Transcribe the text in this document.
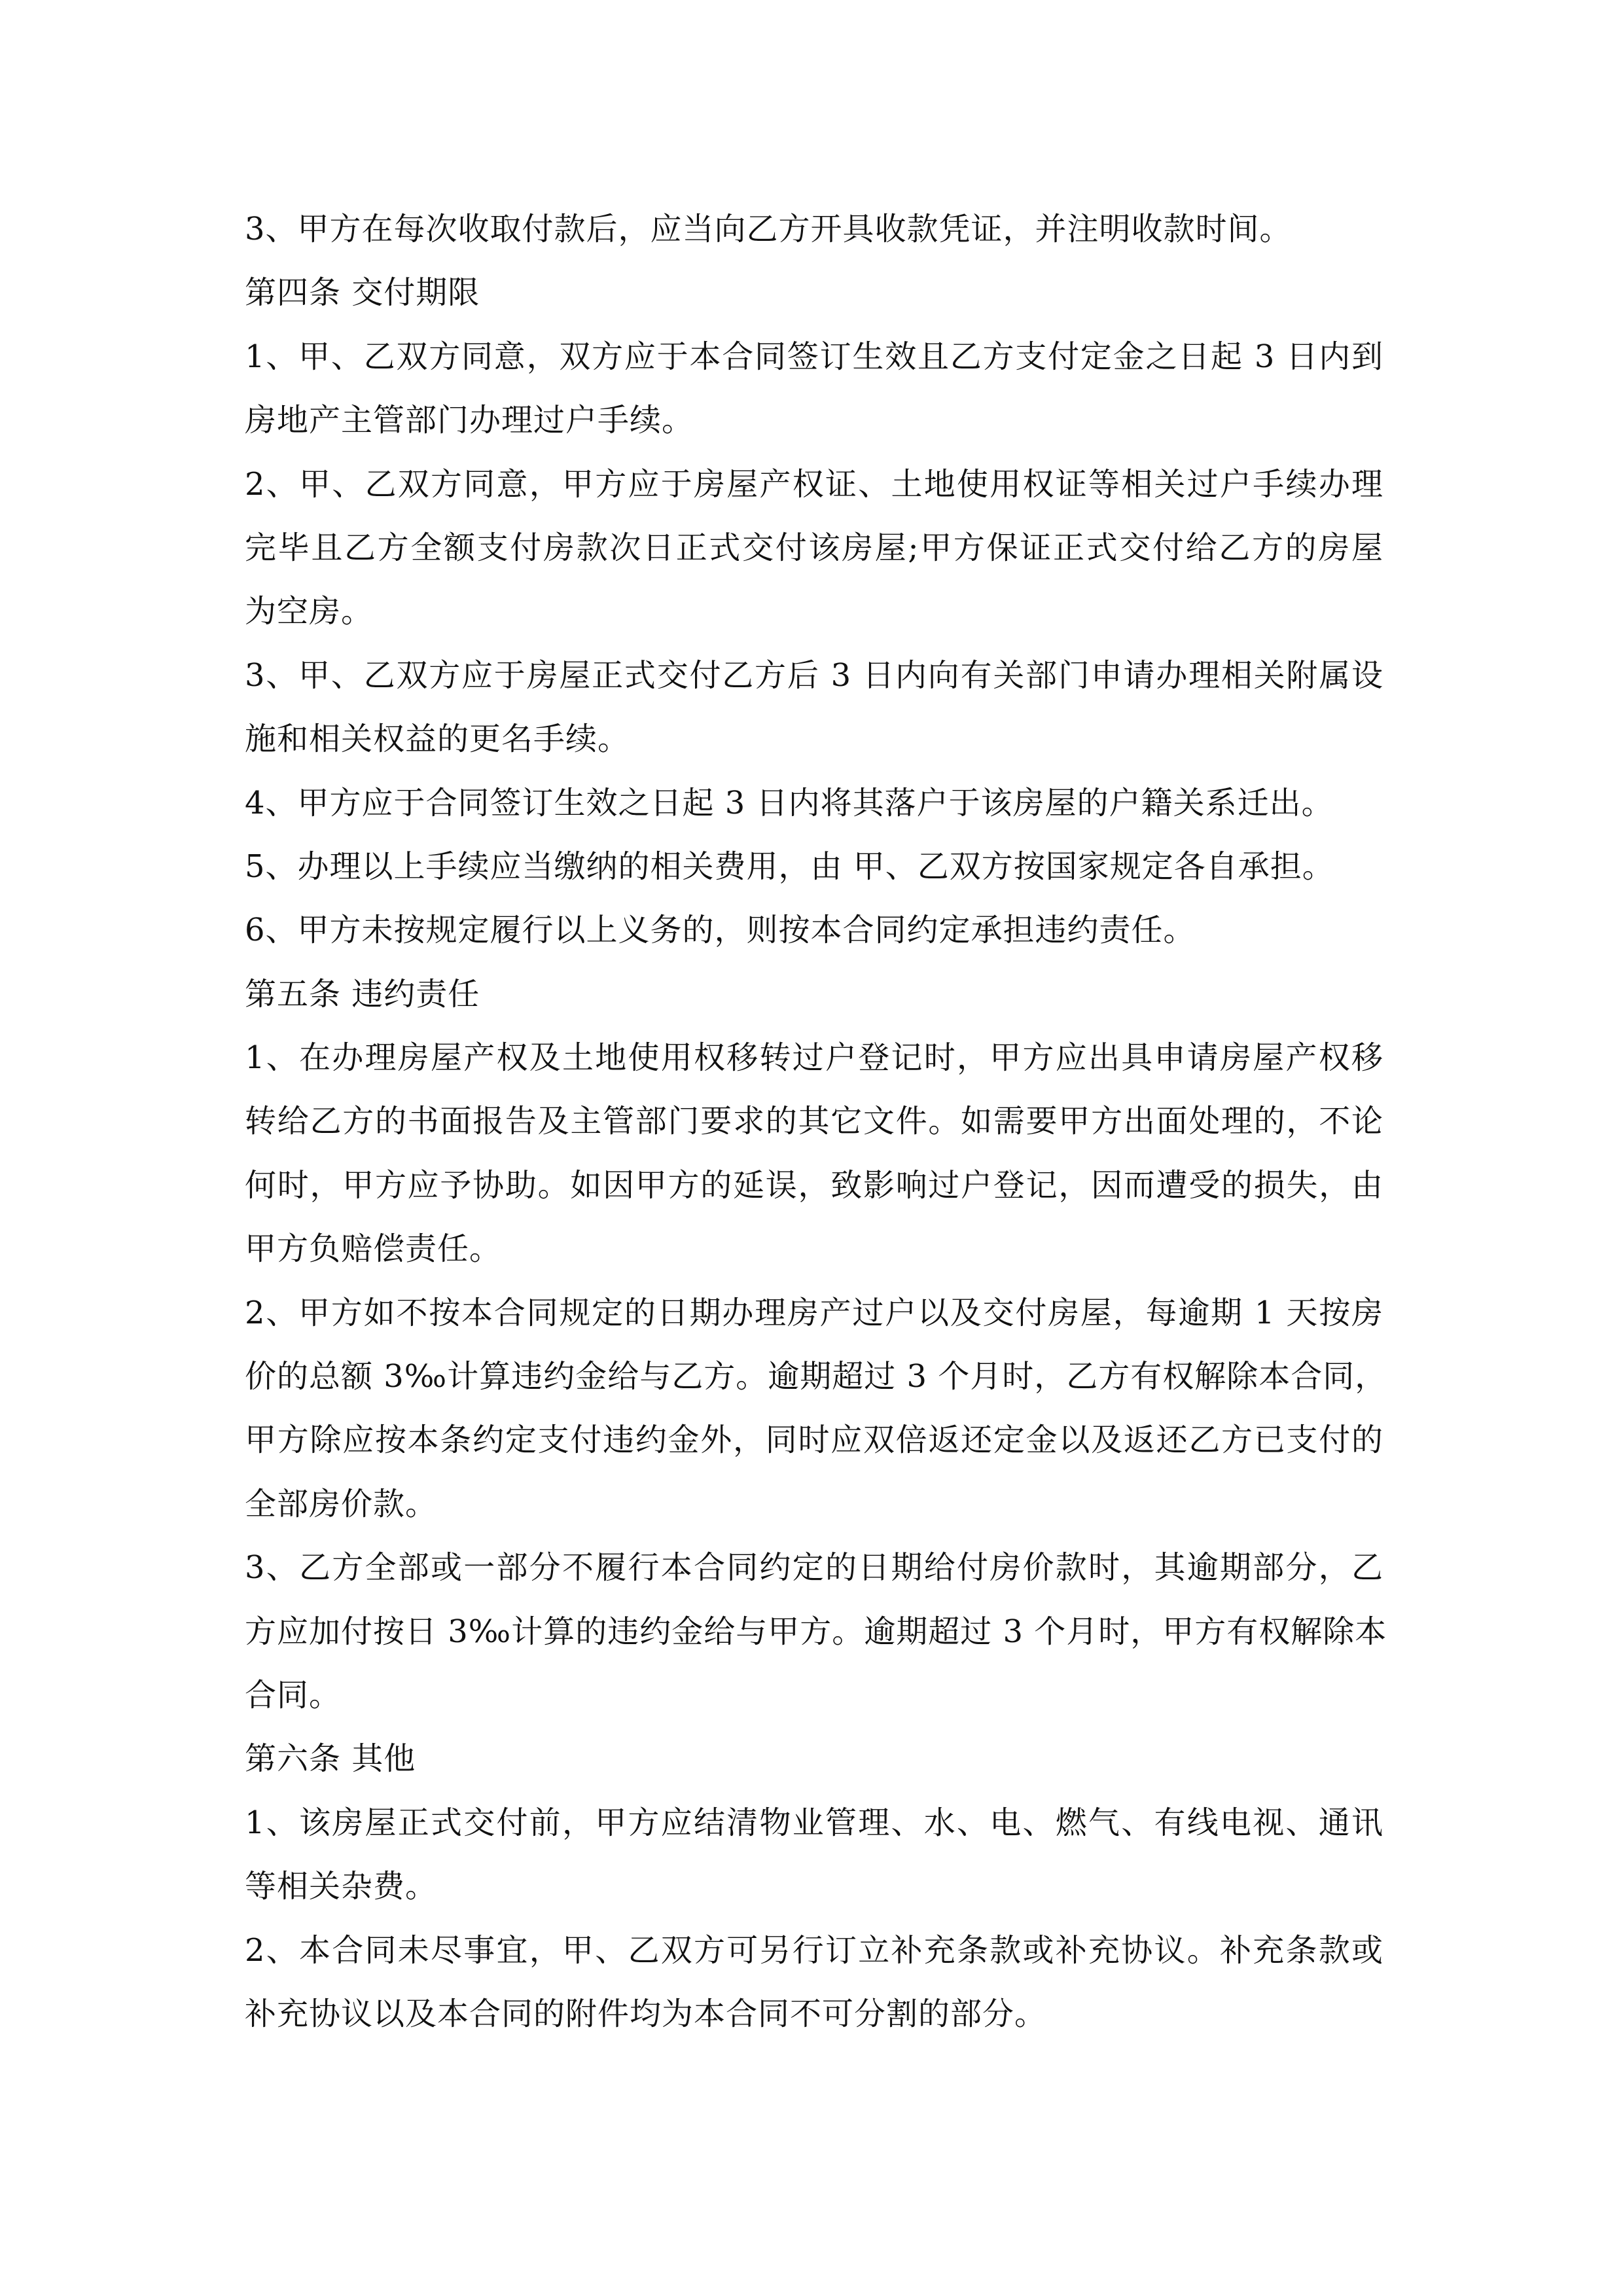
3、甲方在每次收取付款后，应当向乙方开具收款凭证，并注明收款时间。
第四条 交付期限
1、甲、乙双方同意，双方应于本合同签订生效且乙方支付定金之日起 3 日内到
房地产主管部门办理过户手续。
2、甲、乙双方同意，甲方应于房屋产权证、土地使用权证等相关过户手续办理
完毕且乙方全额支付房款次日正式交付该房屋;甲方保证正式交付给乙方的房屋
为空房。
3、甲、乙双方应于房屋正式交付乙方后 3 日内向有关部门申请办理相关附属设
施和相关权益的更名手续。
4、甲方应于合同签订生效之日起 3 日内将其落户于该房屋的户籍关系迁出。
5、办理以上手续应当缴纳的相关费用，由 甲、乙双方按国家规定各自承担。
6、甲方未按规定履行以上义务的，则按本合同约定承担违约责任。
第五条 违约责任
1、在办理房屋产权及土地使用权移转过户登记时，甲方应出具申请房屋产权移
转给乙方的书面报告及主管部门要求的其它文件。如需要甲方出面处理的，不论
何时，甲方应予协助。如因甲方的延误，致影响过户登记，因而遭受的损失，由
甲方负赔偿责任。
2、甲方如不按本合同规定的日期办理房产过户以及交付房屋，每逾期 1 天按房
价的总额 3‰计算违约金给与乙方。逾期超过 3 个月时，乙方有权解除本合同，
甲方除应按本条约定支付违约金外，同时应双倍返还定金以及返还乙方已支付的
全部房价款。
3、乙方全部或一部分不履行本合同约定的日期给付房价款时，其逾期部分，乙
方应加付按日 3‰计算的违约金给与甲方。逾期超过 3 个月时，甲方有权解除本
合同。
第六条 其他
1、该房屋正式交付前，甲方应结清物业管理、水、电、燃气、有线电视、通讯
等相关杂费。
2、本合同未尽事宜，甲、乙双方可另行订立补充条款或补充协议。补充条款或
补充协议以及本合同的附件均为本合同不可分割的部分。
